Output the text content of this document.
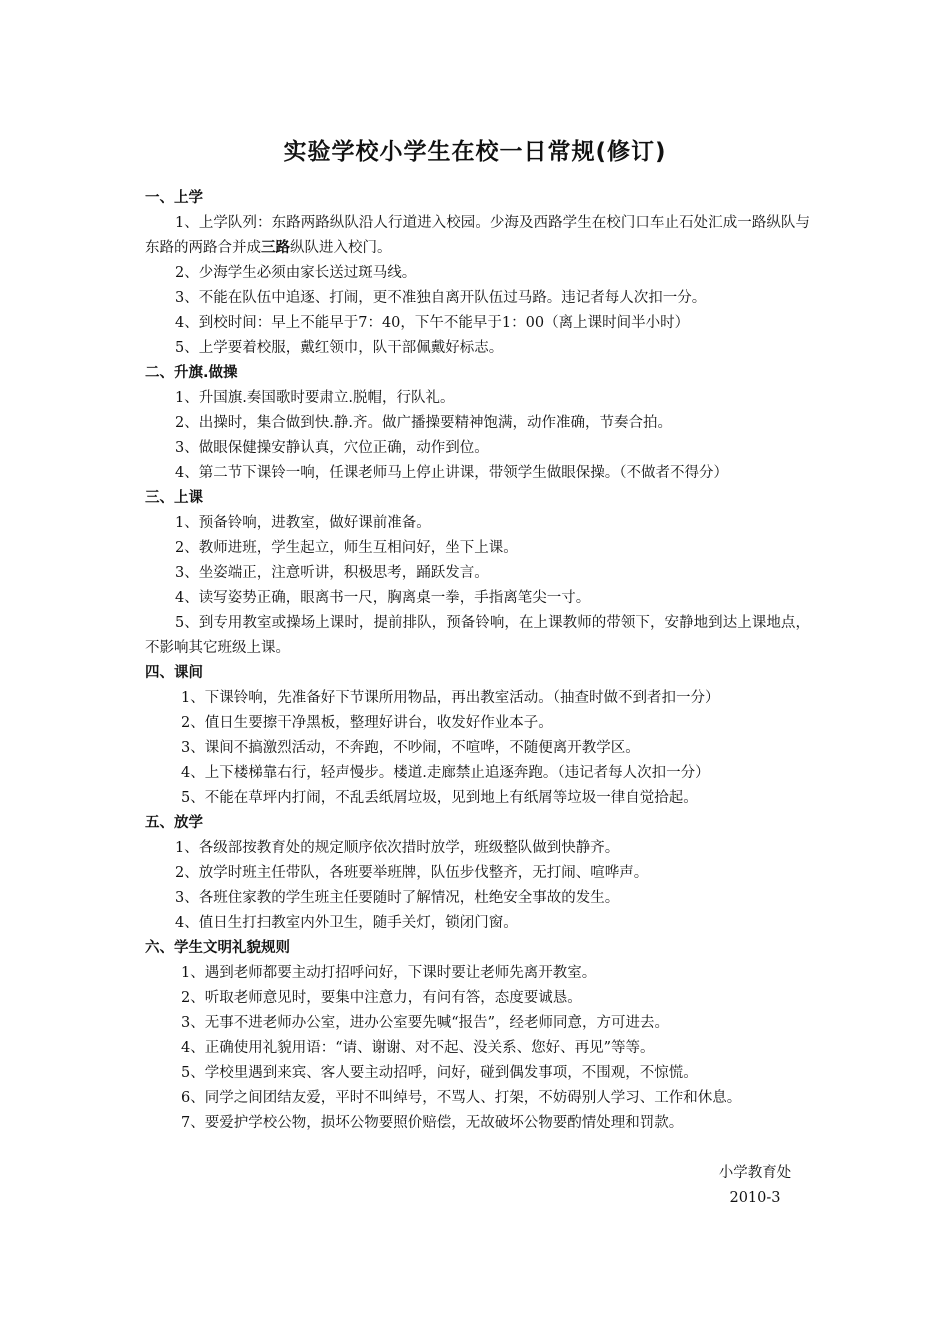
实验学校小学生在校一日常规(修订)
一、上学
1、上学队列：东路两路纵队沿人行道进入校园。少海及西路学生在校门口车止石处汇成一路纵队与东路的两路合并成三路纵队进入校门。
2、少海学生必须由家长送过斑马线。
3、不能在队伍中追逐、打闹，更不准独自离开队伍过马路。违记者每人次扣一分。
4、到校时间：早上不能早于7：40，下午不能早于1：00（离上课时间半小时）
5、上学要着校服，戴红领巾，队干部佩戴好标志。
二、升旗.做操
1、升国旗.奏国歌时要肃立.脱帽，行队礼。
2、出操时，集合做到快.静.齐。做广播操要精神饱满，动作准确，节奏合拍。
3、做眼保健操安静认真，穴位正确，动作到位。
4、第二节下课铃一响，任课老师马上停止讲课，带领学生做眼保操。（不做者不得分）
三、上课
1、预备铃响，进教室，做好课前准备。
2、教师进班，学生起立，师生互相问好，坐下上课。
3、坐姿端正，注意听讲，积极思考，踊跃发言。
4、读写姿势正确，眼离书一尺，胸离桌一拳，手指离笔尖一寸。
5、到专用教室或操场上课时，提前排队，预备铃响，在上课教师的带领下，安静地到达上课地点，不影响其它班级上课。
四、课间
1、下课铃响，先准备好下节课所用物品，再出教室活动。（抽查时做不到者扣一分）
2、值日生要擦干净黑板，整理好讲台，收发好作业本子。
3、课间不搞激烈活动，不奔跑，不吵闹，不喧哗，不随便离开教学区。
4、上下楼梯靠右行，轻声慢步。楼道.走廊禁止追逐奔跑。（违记者每人次扣一分）
5、不能在草坪内打闹，不乱丢纸屑垃圾，见到地上有纸屑等垃圾一律自觉拾起。
五、放学
1、各级部按教育处的规定顺序依次措时放学，班级整队做到快静齐。
2、放学时班主任带队，各班要举班牌，队伍步伐整齐，无打闹、喧哗声。
3、各班住家教的学生班主任要随时了解情况，杜绝安全事故的发生。
4、值日生打扫教室内外卫生，随手关灯，锁闭门窗。
六、学生文明礼貌规则
1、遇到老师都要主动打招呼问好，下课时要让老师先离开教室。
2、听取老师意见时，要集中注意力，有问有答，态度要诚恳。
3、无事不进老师办公室，进办公室要先喊“报告”，经老师同意，方可进去。
4、正确使用礼貌用语：“请、谢谢、对不起、没关系、您好、再见”等等。
5、学校里遇到来宾、客人要主动招呼，问好，碰到偶发事项，不围观，不惊慌。
6、同学之间团结友爱，平时不叫绰号，不骂人、打架，不妨碍别人学习、工作和休息。
7、要爱护学校公物，损坏公物要照价赔偿，无故破坏公物要酌情处理和罚款。
小学教育处
2010-3
